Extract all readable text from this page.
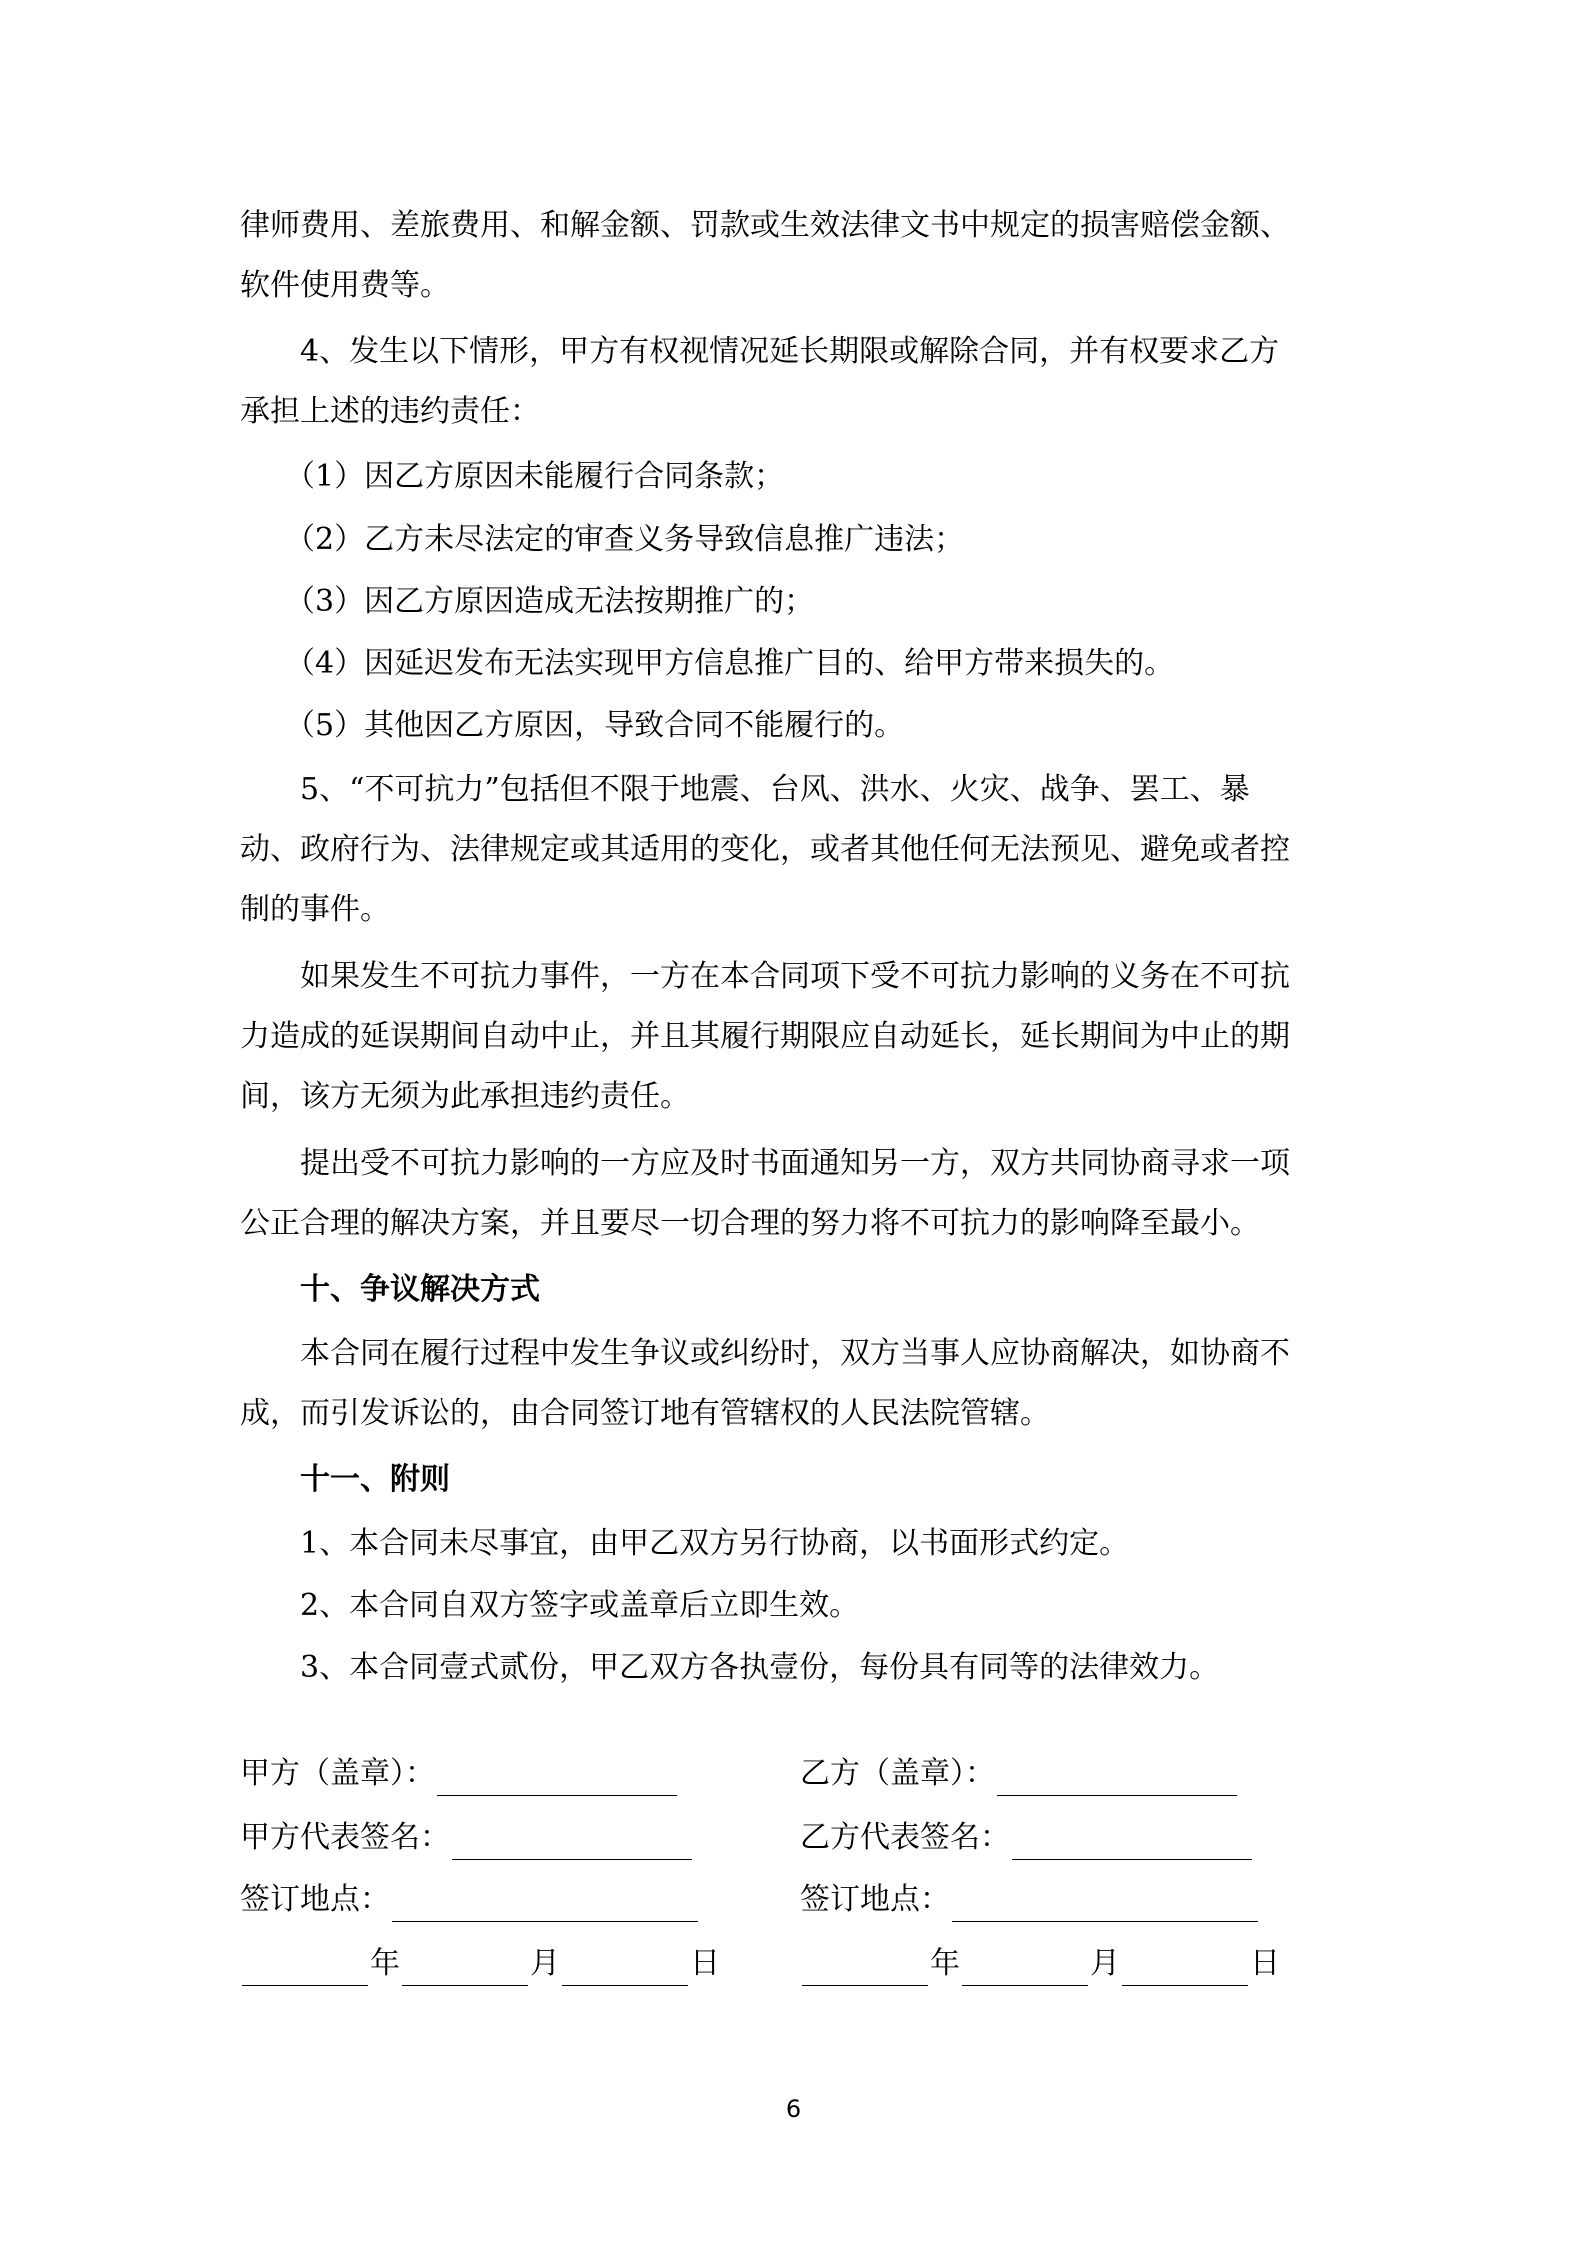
律师费用、差旅费用、和解金额、罚款或生效法律文书中规定的损害赔偿金额、

软件使用费等。

　　4、发生以下情形，甲方有权视情况延长期限或解除合同，并有权要求乙方

承担上述的违约责任：

　　（1）因乙方原因未能履行合同条款；

　　（2）乙方未尽法定的审查义务导致信息推广违法；

　　（3）因乙方原因造成无法按期推广的；

　　（4）因延迟发布无法实现甲方信息推广目的、给甲方带来损失的。

　　（5）其他因乙方原因，导致合同不能履行的。

　　5、“不可抗力”包括但不限于地震、台风、洪水、火灾、战争、罢工、暴

动、政府行为、法律规定或其适用的变化，或者其他任何无法预见、避免或者控

制的事件。

　　如果发生不可抗力事件，一方在本合同项下受不可抗力影响的义务在不可抗

力造成的延误期间自动中止，并且其履行期限应自动延长，延长期间为中止的期

间，该方无须为此承担违约责任。

　　提出受不可抗力影响的一方应及时书面通知另一方，双方共同协商寻求一项

公正合理的解决方案，并且要尽一切合理的努力将不可抗力的影响降至最小。

　　十、争议解决方式

　　本合同在履行过程中发生争议或纠纷时，双方当事人应协商解决，如协商不

成，而引发诉讼的，由合同签订地有管辖权的人民法院管辖。

　　十一、附则

　　1、本合同未尽事宜，由甲乙双方另行协商，以书面形式约定。

　　2、本合同自双方签字或盖章后立即生效。

　　3、本合同壹式贰份，甲乙双方各执壹份，每份具有同等的法律效力。

甲方（盖章）：	乙方（盖章）：
甲方代表签名：	乙方代表签名：
签订地点：	签订地点：
年	月	日	年	月	日
6
